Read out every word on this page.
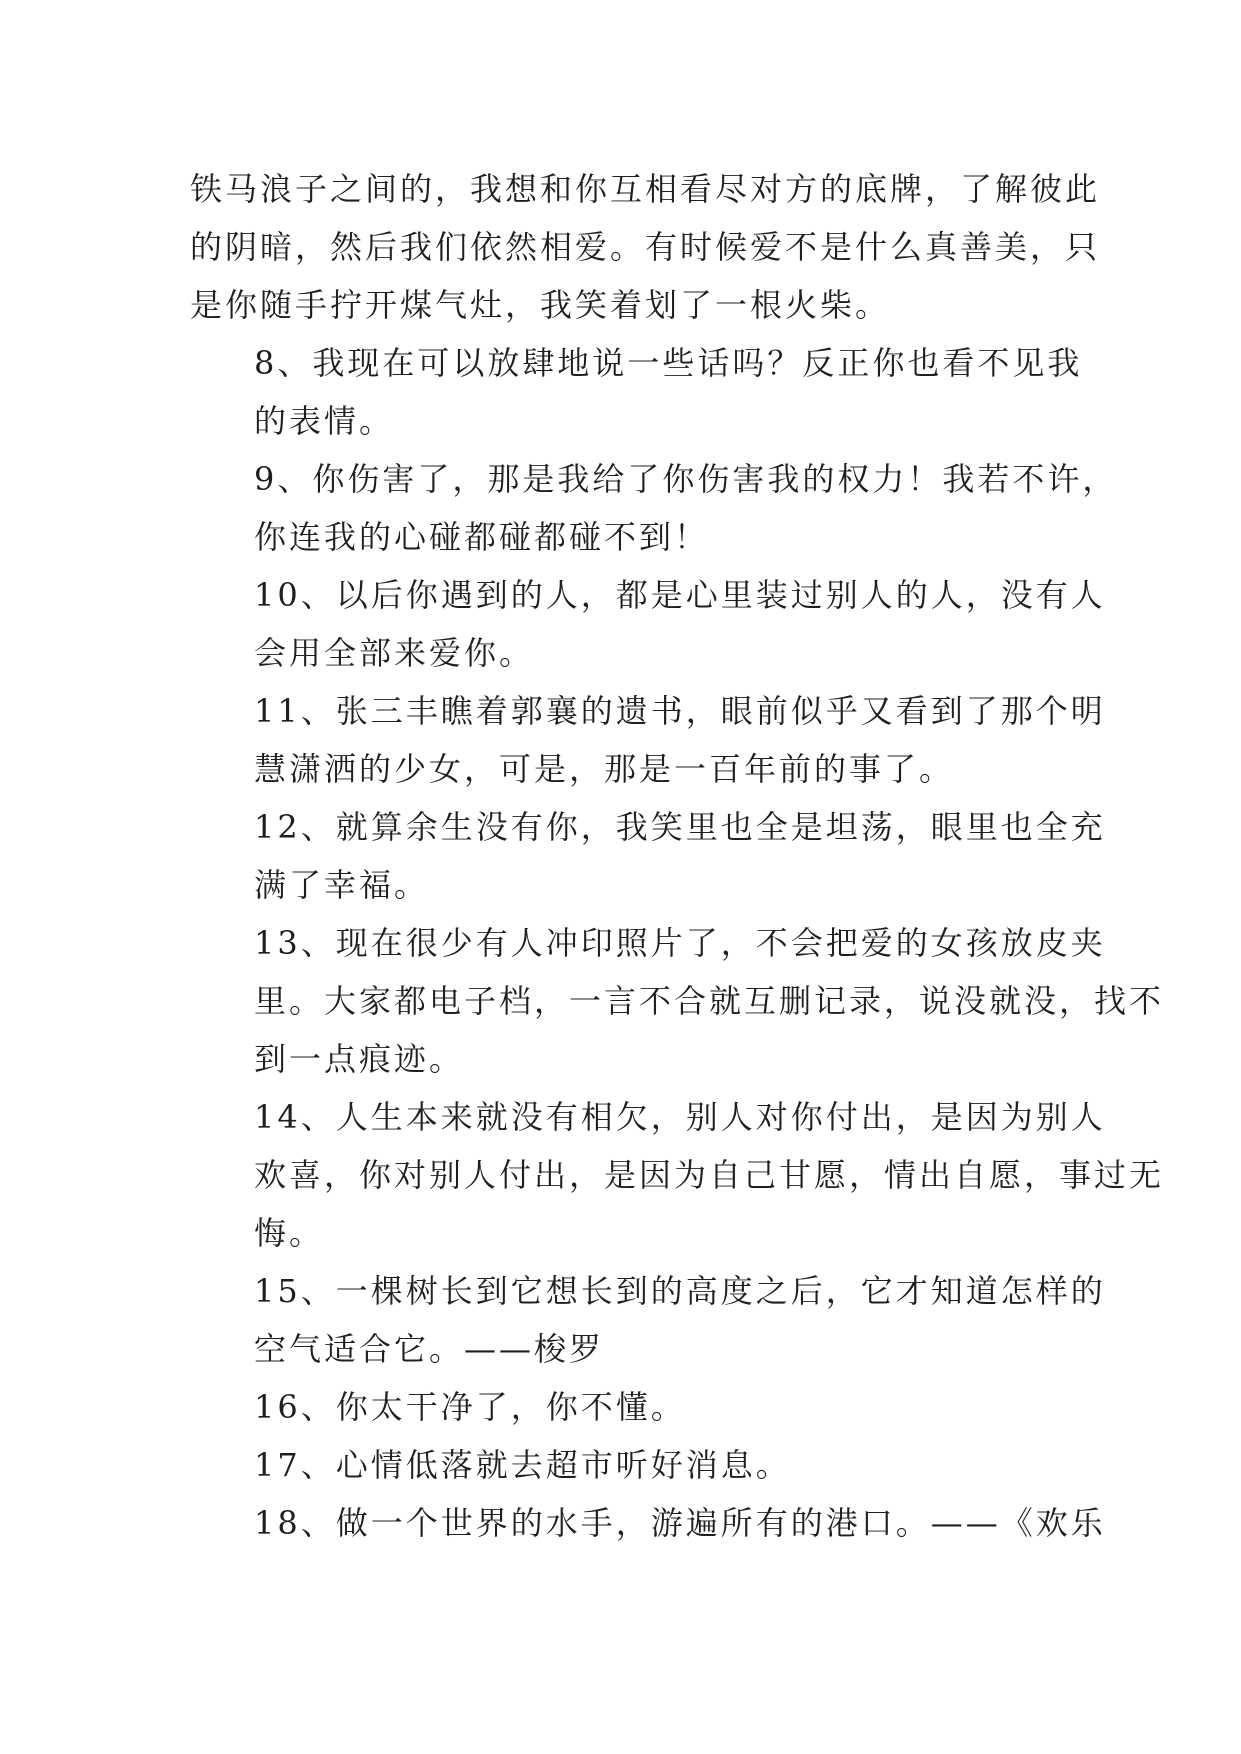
铁马浪子之间的，我想和你互相看尽对方的底牌，了解彼此
的阴暗，然后我们依然相爱。有时候爱不是什么真善美，只
是你随手拧开煤气灶，我笑着划了一根火柴。

8、我现在可以放肆地说一些话吗？反正你也看不见我
的表情。

9、你伤害了，那是我给了你伤害我的权力！我若不许，
你连我的心碰都碰都碰不到！

10、以后你遇到的人，都是心里装过别人的人，没有人
会用全部来爱你。

11、张三丰瞧着郭襄的遗书，眼前似乎又看到了那个明
慧潇洒的少女，可是，那是一百年前的事了。

12、就算余生没有你，我笑里也全是坦荡，眼里也全充
满了幸福。

13、现在很少有人冲印照片了，不会把爱的女孩放皮夹
里。大家都电子档，一言不合就互删记录，说没就没，找不
到一点痕迹。

14、人生本来就没有相欠，别人对你付出，是因为别人
欢喜，你对别人付出，是因为自己甘愿，情出自愿，事过无
悔。

15、一棵树长到它想长到的高度之后，它才知道怎样的
空气适合它。——梭罗

16、你太干净了，你不懂。

17、心情低落就去超市听好消息。

18、做一个世界的水手，游遍所有的港口。——《欢乐
